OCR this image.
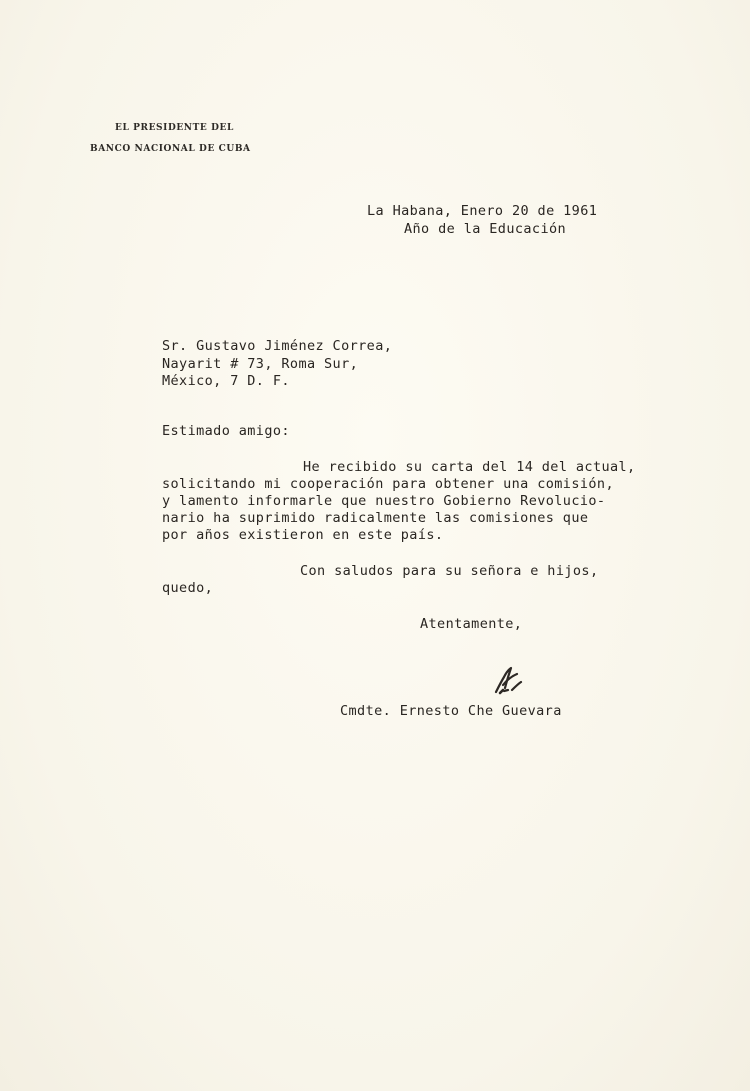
EL PRESIDENTE DEL
BANCO NACIONAL DE CUBA
La Habana, Enero 20 de 1961
Año de la Educación
Sr. Gustavo Jiménez Correa,
Nayarit # 73, Roma Sur,
México, 7 D. F.
Estimado amigo:
He recibido su carta del 14 del actual,
solicitando mi cooperación para obtener una comisión,
y lamento informarle que nuestro Gobierno Revolucio-
nario ha suprimido radicalmente las comisiones que
por años existieron en este país.
Con saludos para su señora e hijos,
quedo,
Atentamente,
Cmdte. Ernesto Che Guevara
